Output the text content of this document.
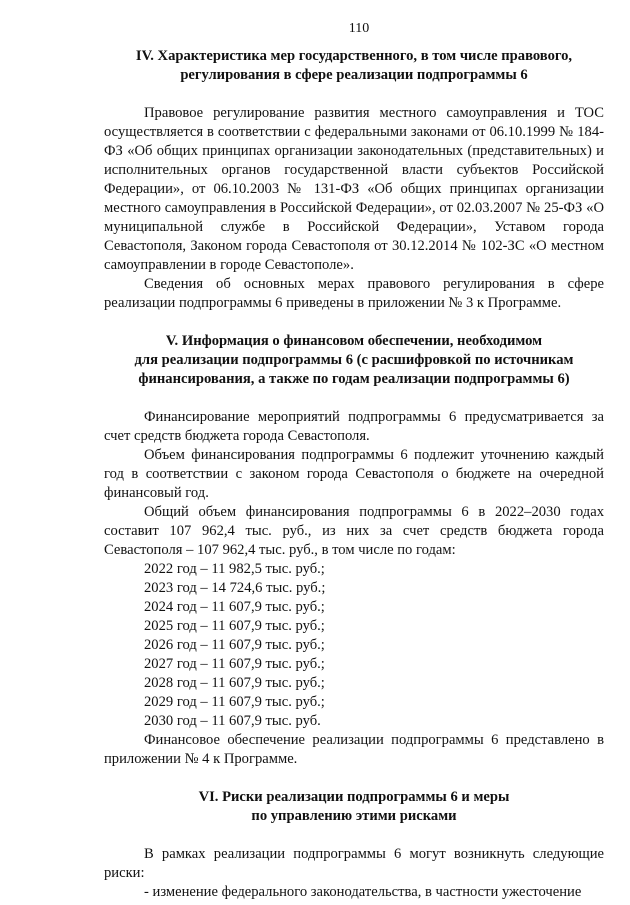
110
IV. Характеристика мер государственного, в том числе правового,
регулирования в сфере реализации подпрограммы 6

Правовое регулирование развития местного самоуправления и ТОС осуществляется в соответствии с федеральными законами от 06.10.1999 № 184-ФЗ «Об общих принципах организации законодательных (представительных) и исполнительных органов государственной власти субъектов Российской Федерации», от 06.10.2003 № 131-ФЗ «Об общих принципах организации местного самоуправления в Российской Федерации», от 02.03.2007 № 25-ФЗ «О муниципальной службе в Российской Федерации», Уставом города Севастополя, Законом города Севастополя от 30.12.2014 № 102-ЗС «О местном самоуправлении в городе Севастополе».

Сведения об основных мерах правового регулирования в сфере реализации подпрограммы 6 приведены в приложении № 3 к Программе.

V. Информация о финансовом обеспечении, необходимом
для реализации подпрограммы 6 (с расшифровкой по источникам
финансирования, а также по годам реализации подпрограммы 6)

Финансирование мероприятий подпрограммы 6 предусматривается за счет средств бюджета города Севастополя.

Объем финансирования подпрограммы 6 подлежит уточнению каждый год в соответствии с законом города Севастополя о бюджете на очередной финансовый год.

Общий объем финансирования подпрограммы 6 в 2022–2030 годах составит 107 962,4 тыс. руб., из них за счет средств бюджета города Севастополя – 107 962,4 тыс. руб., в том числе по годам:

2022 год – 11 982,5 тыс. руб.;
2023 год – 14 724,6 тыс. руб.;
2024 год – 11 607,9 тыс. руб.;
2025 год – 11 607,9 тыс. руб.;
2026 год – 11 607,9 тыс. руб.;
2027 год – 11 607,9 тыс. руб.;
2028 год – 11 607,9 тыс. руб.;
2029 год – 11 607,9 тыс. руб.;
2030 год – 11 607,9 тыс. руб.

Финансовое обеспечение реализации подпрограммы 6 представлено в приложении № 4 к Программе.

VI. Риски реализации подпрограммы 6 и меры
по управлению этими рисками

В рамках реализации подпрограммы 6 могут возникнуть следующие риски:

- изменение федерального законодательства, в частности ужесточение
